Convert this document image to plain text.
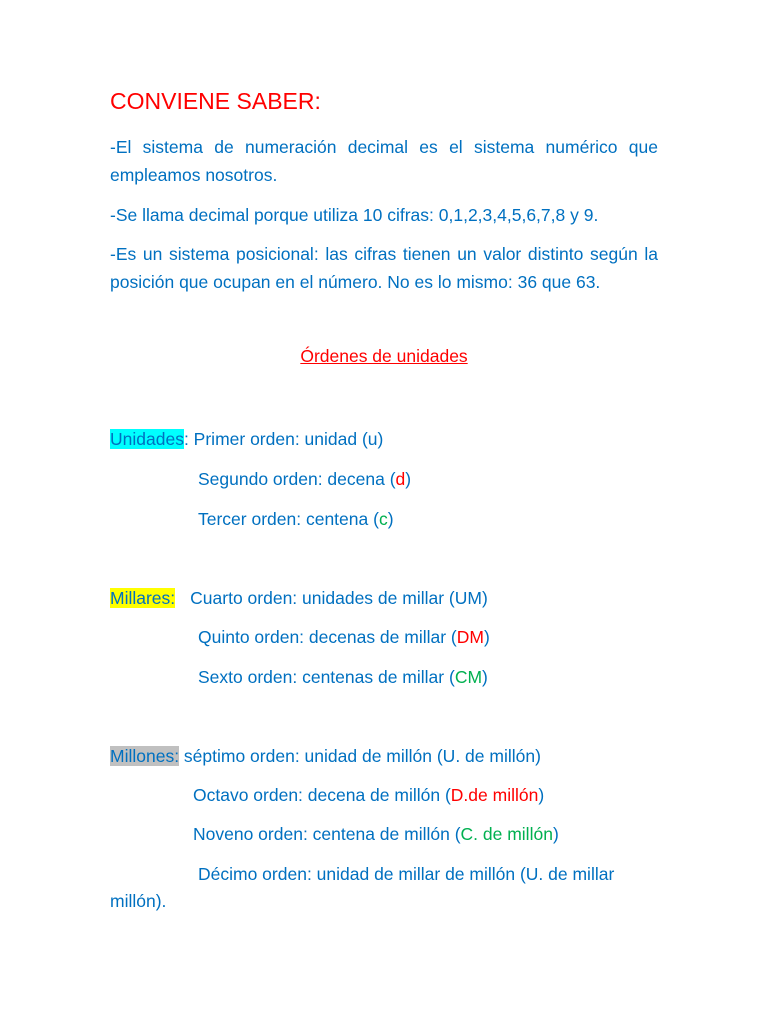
CONVIENE SABER:
-El sistema de numeración decimal es el sistema numérico que empleamos nosotros.
-Se llama decimal porque utiliza 10 cifras: 0,1,2,3,4,5,6,7,8 y 9.
-Es un sistema posicional: las cifras tienen un valor distinto según la posición que ocupan en el número. No es lo mismo: 36 que 63.
Órdenes de unidades
Unidades: Primer orden: unidad (u)
Segundo orden: decena (d)
Tercer orden: centena (c)
Millares: Cuarto orden: unidades de millar (UM)
Quinto orden: decenas de millar (DM)
Sexto orden: centenas de millar (CM)
Millones: séptimo orden: unidad de millón (U. de millón)
Octavo orden: decena de millón (D.de millón)
Noveno orden: centena de millón (C. de millón)
Décimo orden: unidad de millar de millón (U. de millar
millón).
